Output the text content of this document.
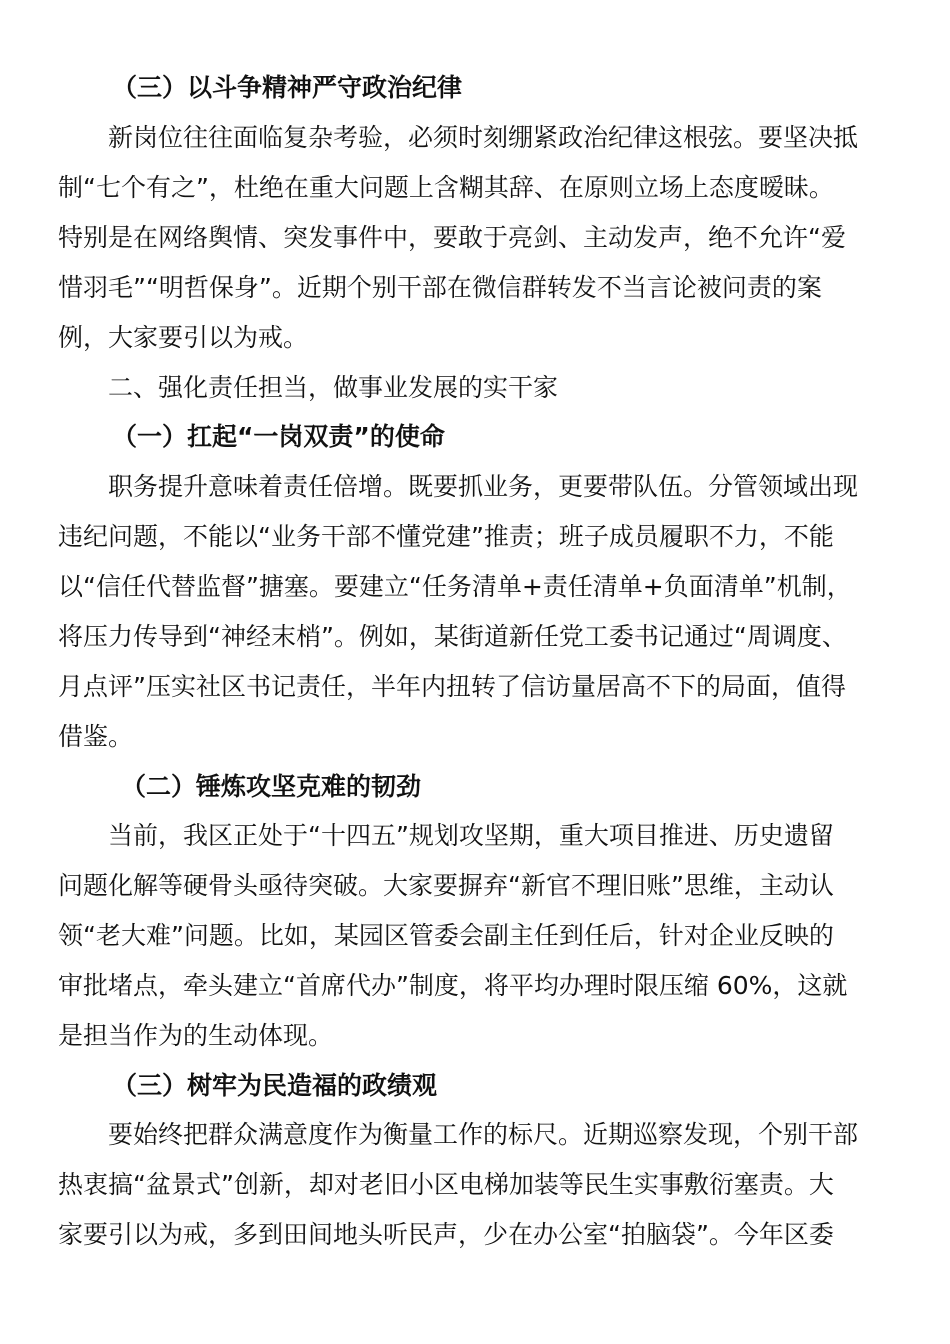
（三）以斗争精神严守政治纪律
新岗位往往面临复杂考验，必须时刻绷紧政治纪律这根弦。要坚决抵
制“七个有之”，杜绝在重大问题上含糊其辞、在原则立场上态度暧昧。
特别是在网络舆情、突发事件中，要敢于亮剑、主动发声，绝不允许“爱
惜羽毛”“明哲保身”。近期个别干部在微信群转发不当言论被问责的案
例，大家要引以为戒。
二、强化责任担当，做事业发展的实干家
（一）扛起“一岗双责”的使命
职务提升意味着责任倍增。既要抓业务，更要带队伍。分管领域出现
违纪问题，不能以“业务干部不懂党建”推责；班子成员履职不力，不能
以“信任代替监督”搪塞。要建立“任务清单+责任清单+负面清单”机制，
将压力传导到“神经末梢”。例如，某街道新任党工委书记通过“周调度、
月点评”压实社区书记责任，半年内扭转了信访量居高不下的局面，值得
借鉴。
（二）锤炼攻坚克难的韧劲
当前，我区正处于“十四五”规划攻坚期，重大项目推进、历史遗留
问题化解等硬骨头亟待突破。大家要摒弃“新官不理旧账”思维，主动认
领“老大难”问题。比如，某园区管委会副主任到任后，针对企业反映的
审批堵点，牵头建立“首席代办”制度，将平均办理时限压缩 60%，这就
是担当作为的生动体现。
（三）树牢为民造福的政绩观
要始终把群众满意度作为衡量工作的标尺。近期巡察发现，个别干部
热衷搞“盆景式”创新，却对老旧小区电梯加装等民生实事敷衍塞责。大
家要引以为戒，多到田间地头听民声，少在办公室“拍脑袋”。今年区委
